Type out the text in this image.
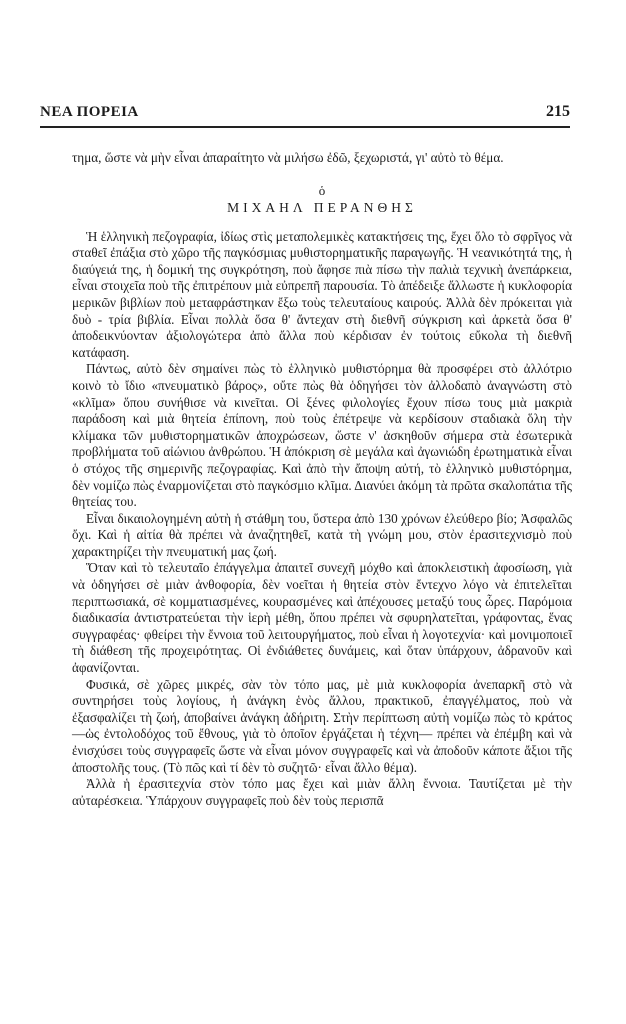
ΝΕΑ ΠΟΡΕΙΑ	215

τημα, ὥστε νὰ μὴν εἶναι ἀπαραίτητο νὰ μιλήσω ἐδῶ, ξεχωριστά, γι' αὐτὸ τὸ θέμα.

ὁ
ΜΙΧΑΗΛ ΠΕΡΑΝΘΗΣ

Ἡ ἑλληνικὴ πεζογραφία, ἰδίως στὶς μεταπολεμικὲς κατακτήσεις της, ἔχει ὅλο τὸ σφρῖγος νὰ σταθεῖ ἐπάξια στὸ χῶρο τῆς παγκόσμιας μυθιστορηματικῆς παραγωγῆς. Ἡ νεανικότητά της, ἡ διαύγειά της, ἡ δομική της συγκρότηση, ποὺ ἄφησε πιὰ πίσω τὴν παλιὰ τεχνικὴ ἀνεπάρκεια, εἶναι στοιχεῖα ποὺ τῆς ἐπιτρέπουν μιὰ εὐπρεπῆ παρουσία. Τὸ ἀπέδειξε ἄλλωστε ἡ κυκλοφορία μερικῶν βιβλίων ποὺ μεταφράστηκαν ἔξω τοὺς τελευταίους καιρούς. Ἀλλὰ δὲν πρόκειται γιὰ δυὸ - τρία βιβλία. Εἶναι πολλὰ ὅσα θ' ἄντεχαν στὴ διεθνῆ σύγκριση καὶ ἀρκετὰ ὅσα θ' ἀποδεικνύονταν ἀξιολογώτερα ἀπὸ ἄλλα ποὺ κέρδισαν ἐν τούτοις εὔκολα τὴ διεθνῆ κατάφαση.

Πάντως, αὐτὸ δὲν σημαίνει πὼς τὸ ἑλληνικὸ μυθιστόρημα θὰ προσφέρει στὸ ἀλλότριο κοινὸ τὸ ἴδιο «πνευματικὸ βάρος», οὔτε πὼς θὰ ὁδηγήσει τὸν ἀλλοδαπὸ ἀναγνώστη στὸ «κλῖμα» ὅπου συνήθισε νὰ κινεῖται. Οἱ ξένες φιλολογίες ἔχουν πίσω τους μιὰ μακριὰ παράδοση καὶ μιὰ θητεία ἐπίπονη, ποὺ τοὺς ἐπέτρεψε νὰ κερδίσουν σταδιακὰ ὅλη τὴν κλίμακα τῶν μυθιστορηματικῶν ἀποχρώσεων, ὥστε ν' ἀσκηθοῦν σήμερα στὰ ἐσωτερικὰ προβλήματα τοῦ αἰώνιου ἀνθρώπου. Ἡ ἀπόκριση σὲ μεγάλα καὶ ἀγωνιώδη ἐρωτηματικὰ εἶναι ὁ στόχος τῆς σημερινῆς πεζογραφίας. Καὶ ἀπὸ τὴν ἄποψη αὐτή, τὸ ἑλληνικὸ μυθιστόρημα, δὲν νομίζω πὼς ἐναρμονίζεται στὸ παγκόσμιο κλῖμα. Διανύει ἀκόμη τὰ πρῶτα σκαλοπάτια τῆς θητείας του.

Εἶναι δικαιολογημένη αὐτὴ ἡ στάθμη του, ὕστερα ἀπὸ 130 χρόνων ἐλεύθερο βίο; Ἀσφαλῶς ὄχι. Καὶ ἡ αἰτία θὰ πρέπει νὰ ἀναζητηθεῖ, κατὰ τὴ γνώμη μου, στὸν ἐρασιτεχνισμὸ ποὺ χαρακτηρίζει τὴν πνευματική μας ζωή.

Ὅταν καὶ τὸ τελευταῖο ἐπάγγελμα ἀπαιτεῖ συνεχῆ μόχθο καὶ ἀποκλειστικὴ ἀφοσίωση, γιὰ νὰ ὁδηγήσει σὲ μιὰν ἀνθοφορία, δὲν νοεῖται ἡ θητεία στὸν ἔντεχνο λόγο νὰ ἐπιτελεῖται περιπτωσιακά, σὲ κομματιασμένες, κουρασμένες καὶ ἀπέχουσες μεταξύ τους ὧρες. Παρόμοια διαδικασία ἀντιστρατεύεται τὴν ἱερὴ μέθη, ὅπου πρέπει νὰ σφυρηλατεῖται, γράφοντας, ἕνας συγγραφέας· φθείρει τὴν ἔννοια τοῦ λειτουργήματος, ποὺ εἶναι ἡ λογοτεχνία· καὶ μονιμοποιεῖ τὴ διάθεση τῆς προχειρότητας. Οἱ ἐνδιάθετες δυνάμεις, καὶ ὅταν ὑπάρχουν, ἀδρανοῦν καὶ ἀφανίζονται.

Φυσικά, σὲ χῶρες μικρές, σὰν τὸν τόπο μας, μὲ μιὰ κυκλοφορία ἀνεπαρκῆ στὸ νὰ συντηρήσει τοὺς λογίους, ἡ ἀνάγκη ἑνὸς ἄλλου, πρακτικοῦ, ἐπαγγέλματος, ποὺ νὰ ἐξασφαλίζει τὴ ζωή, ἀποβαίνει ἀνάγκη ἀδήριτη. Στὴν περίπτωση αὐτὴ νομίζω πὼς τὸ κράτος —ὡς ἐντολοδόχος τοῦ ἔθνους, γιὰ τὸ ὁποῖον ἐργάζεται ἡ τέχνη— πρέπει νὰ ἐπέμβη καὶ νὰ ἐνισχύσει τοὺς συγγραφεῖς ὥστε νὰ εἶναι μόνον συγγραφεῖς καὶ νὰ ἀποδοῦν κάποτε ἄξιοι τῆς ἀποστολῆς τους. (Τὸ πῶς καὶ τί δὲν τὸ συζητῶ· εἶναι ἄλλο θέμα).

Ἀλλὰ ἡ ἐρασιτεχνία στὸν τόπο μας ἔχει καὶ μιὰν ἄλλη ἔννοια. Ταυτίζεται μὲ τὴν αὐταρέσκεια. Ὑπάρχουν συγγραφεῖς ποὺ δὲν τοὺς περισπᾶ
